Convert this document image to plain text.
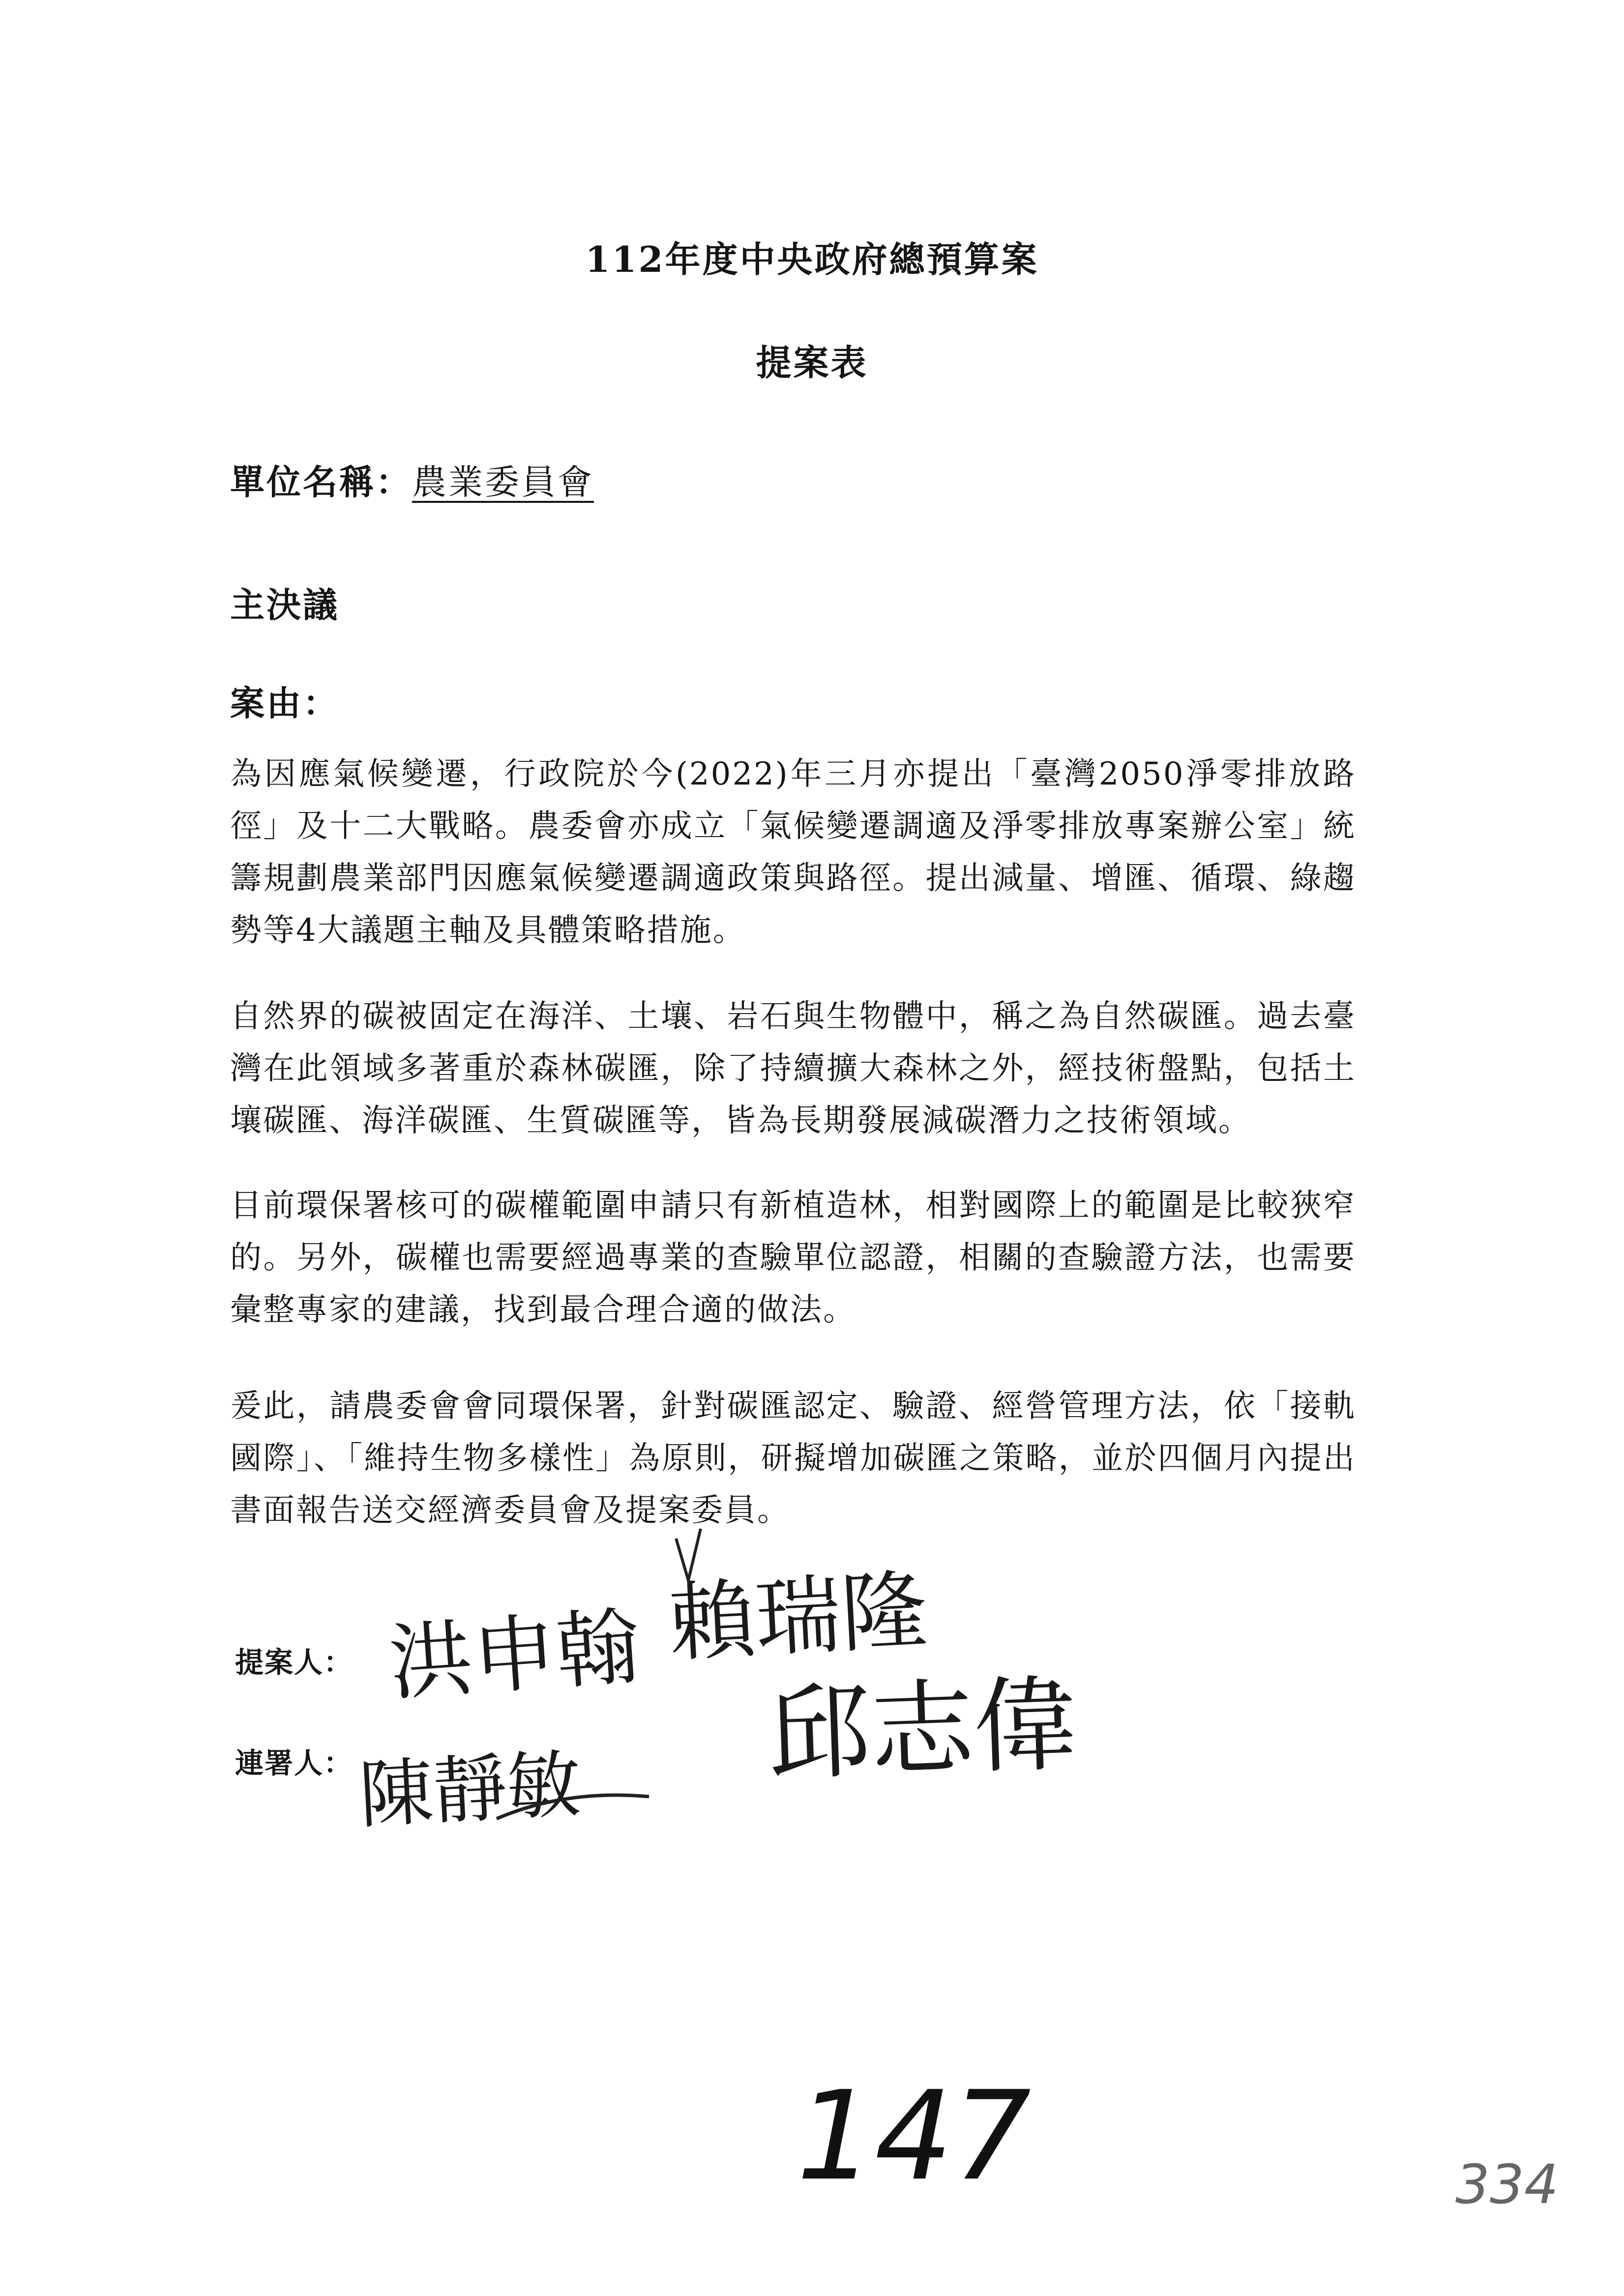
112年度中央政府總預算案
提案表
單位名稱：農業委員會
主決議
案由：

為因應氣候變遷，行政院於今(2022)年三月亦提出「臺灣2050淨零排放路徑」及十二大戰略。農委會亦成立「氣候變遷調適及淨零排放專案辦公室」統籌規劃農業部門因應氣候變遷調適政策與路徑。提出減量、增匯、循環、綠趨勢等4大議題主軸及具體策略措施。

自然界的碳被固定在海洋、土壤、岩石與生物體中，稱之為自然碳匯。過去臺灣在此領域多著重於森林碳匯，除了持續擴大森林之外，經技術盤點，包括土壤碳匯、海洋碳匯、生質碳匯等，皆為長期發展減碳潛力之技術領域。

目前環保署核可的碳權範圍申請只有新植造林，相對國際上的範圍是比較狹窄的。另外，碳權也需要經過專業的查驗單位認證，相關的查驗證方法，也需要彙整專家的建議，找到最合理合適的做法。

爰此，請農委會會同環保署，針對碳匯認定、驗證、經營管理方法，依「接軌國際」、「維持生物多樣性」為原則，研擬增加碳匯之策略，並於四個月內提出書面報告送交經濟委員會及提案委員。

提案人：
連署人：
洪申翰 賴瑞隆
邱志偉
陳靜敏
147	334
